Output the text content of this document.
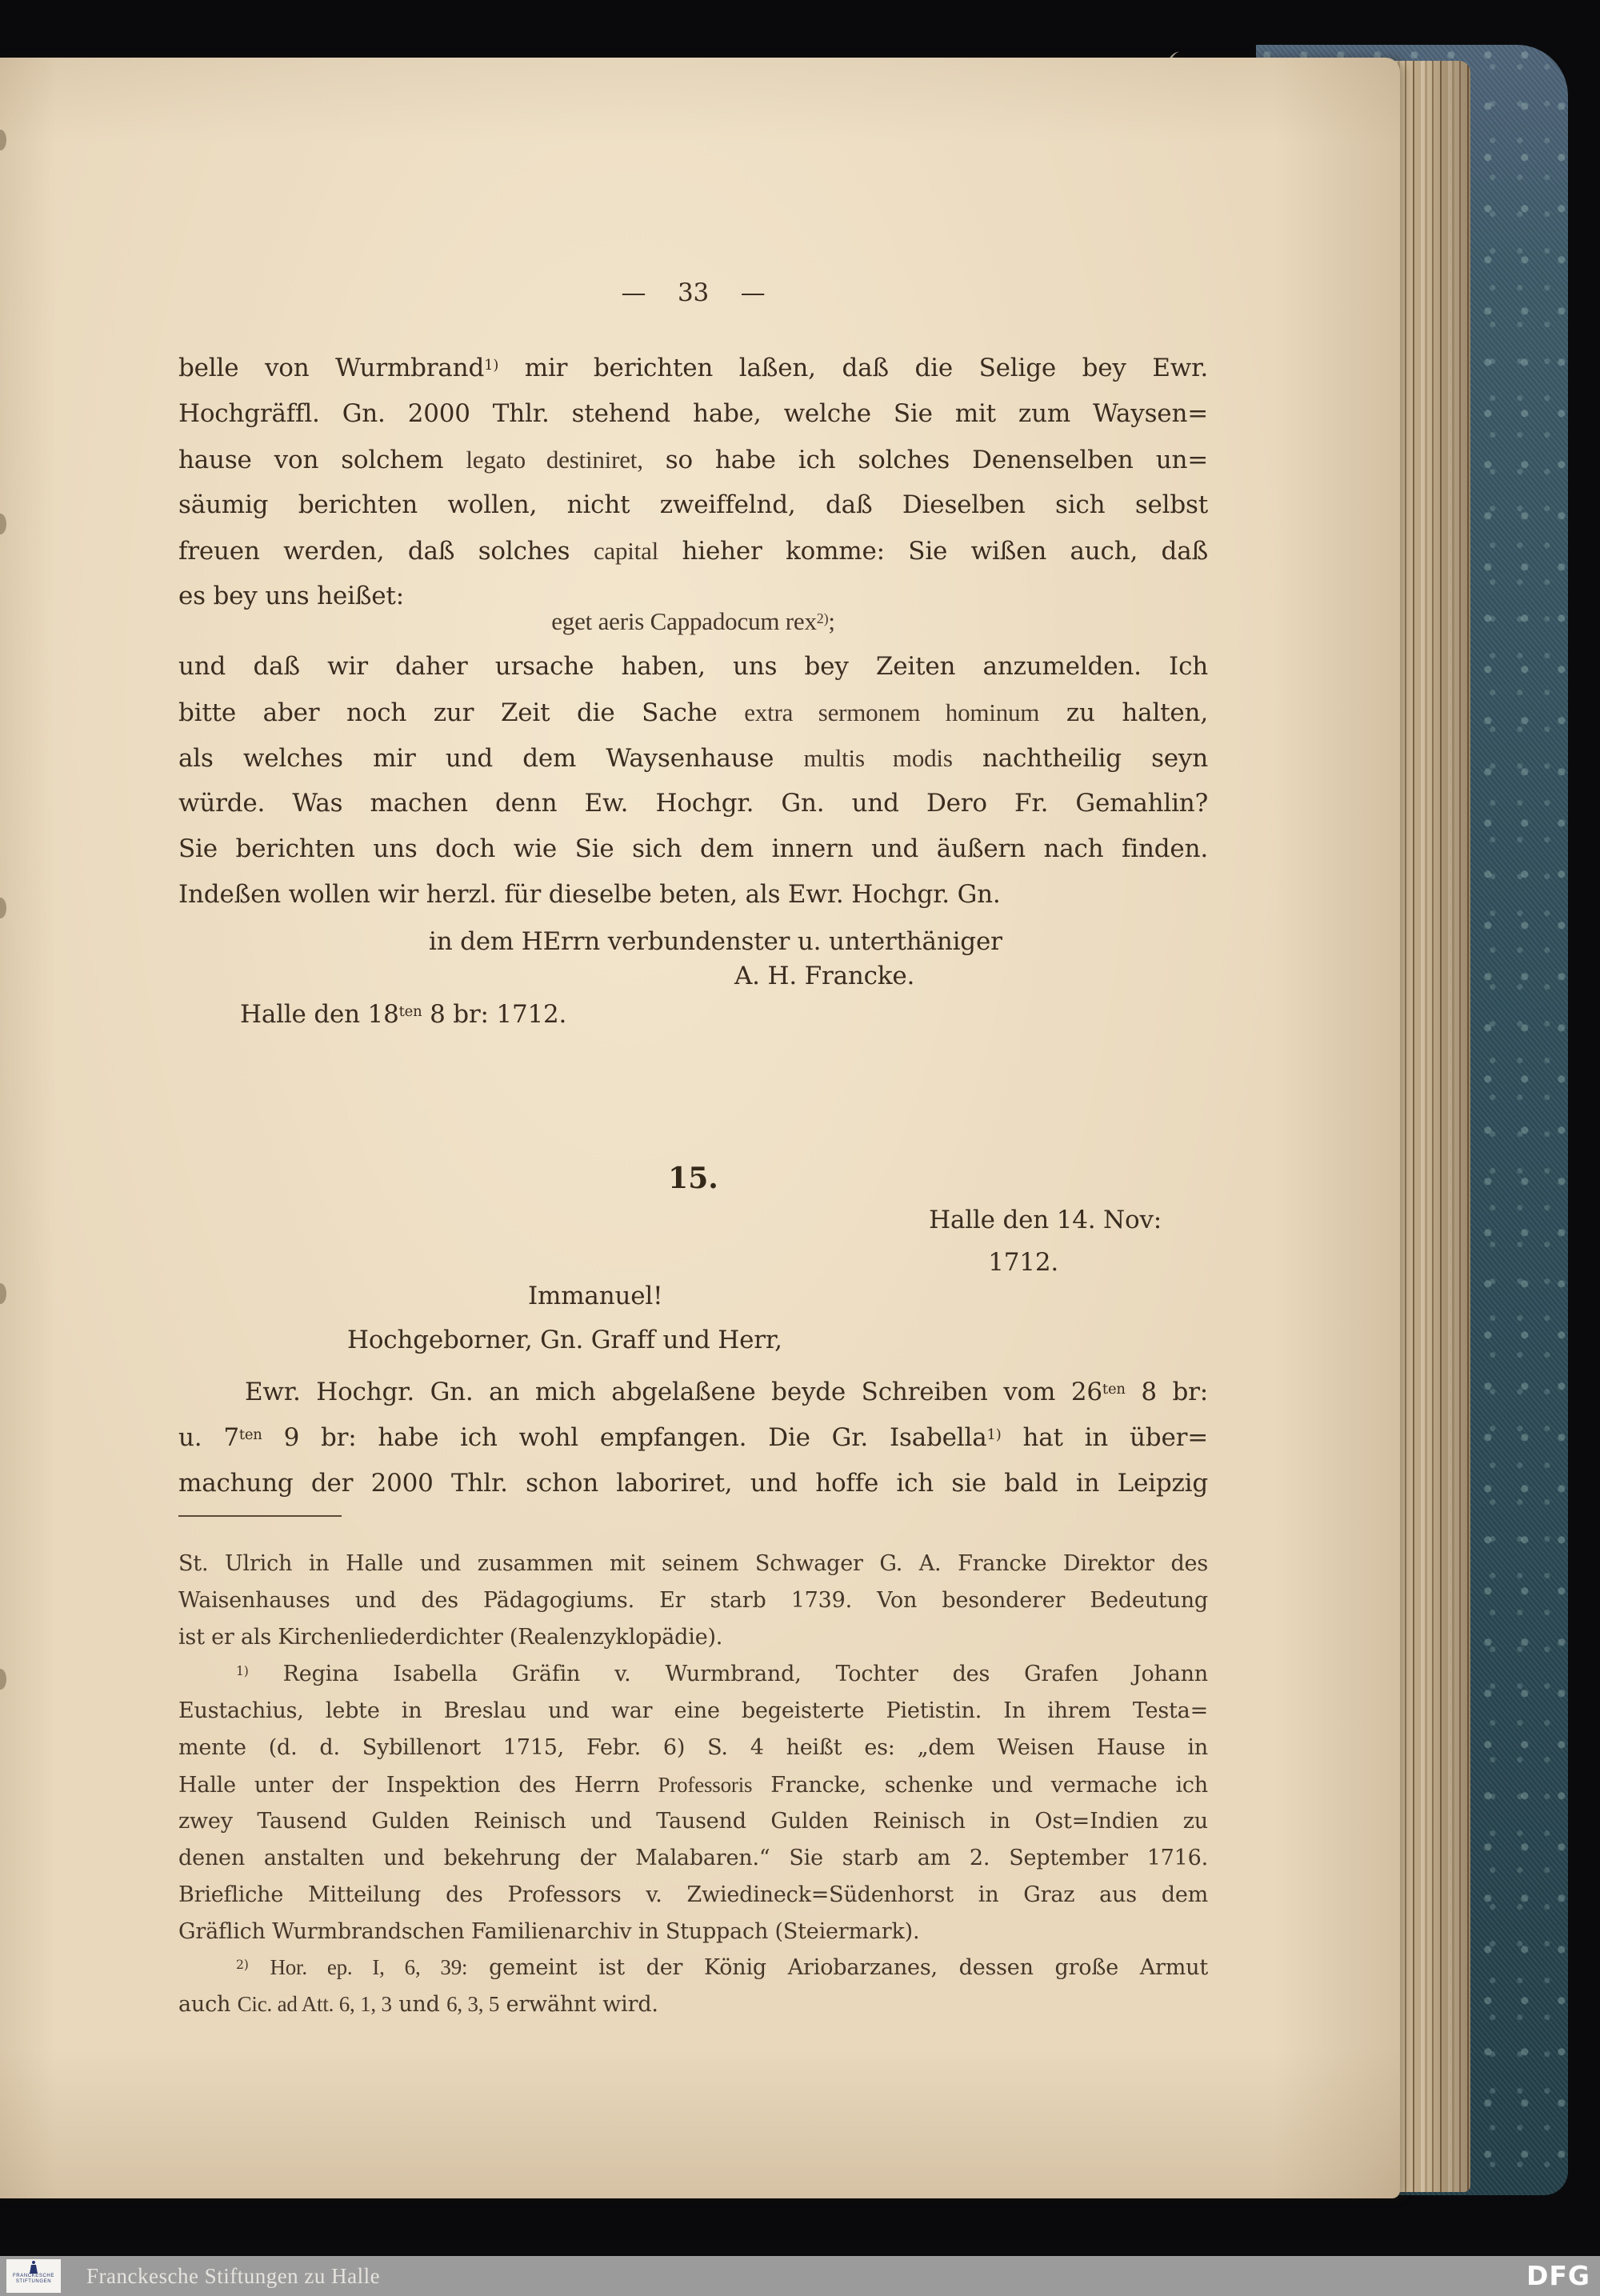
— 33 —
belle von Wurmbrand$^{1)}$ mir berichten laßen, daß die Selige bey Ewr.
Hochgräffl. Gn. 2000 Thlr. stehend habe, welche Sie mit zum Waysen=
hause von solchem legato destiniret, so habe ich solches Denenselben un=
säumig berichten wollen, nicht zweiffelnd, daß Dieselben sich selbst
freuen werden, daß solches capital hieher komme: Sie wißen auch, daß
es bey uns heißet:
eget aeris Cappadocum rex$^{2)}$;
und daß wir daher ursache haben, uns bey Zeiten anzumelden. Ich
bitte aber noch zur Zeit die Sache extra sermonem hominum zu halten,
als welches mir und dem Waysenhause multis modis nachtheilig seyn
würde. Was machen denn Ew. Hochgr. Gn. und Dero Fr. Gemahlin?
Sie berichten uns doch wie Sie sich dem innern und äußern nach finden.
Indeßen wollen wir herzl. für dieselbe beten, als Ewr. Hochgr. Gn.
in dem HErrn verbundenster u. unterthäniger
A. H. Francke.
Halle den $18^{ten}$ 8 br: 1712.
15.
Halle den 14. Nov:
1712.
Immanuel!
Hochgeborner, Gn. Graff und Herr,
Ewr. Hochgr. Gn. an mich abgelaßene beyde Schreiben vom $26^{ten}$ 8 br:
u. $7^{ten}$ 9 br: habe ich wohl empfangen. Die Gr. Isabella$^{1)}$ hat in über=
machung der 2000 Thlr. schon laboriret, und hoffe ich sie bald in Leipzig
St. Ulrich in Halle und zusammen mit seinem Schwager G. A. Francke Direktor des
Waisenhauses und des Pädagogiums. Er starb 1739. Von besonderer Bedeutung
ist er als Kirchenliederdichter (Realenzyklopädie).
$^{1)}$ Regina Isabella Gräfin v. Wurmbrand, Tochter des Grafen Johann
Eustachius, lebte in Breslau und war eine begeisterte Pietistin. In ihrem Testa=
mente (d. d. Sybillenort 1715, Febr. 6) S. 4 heißt es: „dem Weisen Hause in
Halle unter der Inspektion des Herrn Professoris Francke, schenke und vermache ich
zwey Tausend Gulden Reinisch und Tausend Gulden Reinisch in Ost=Indien zu
denen anstalten und bekehrung der Malabaren.“ Sie starb am 2. September 1716.
Briefliche Mitteilung des Professors v. Zwiedineck=Südenhorst in Graz aus dem
Gräflich Wurmbrandschen Familienarchiv in Stuppach (Steiermark).
$^{2)}$ Hor. ep. I, 6, 39: gemeint ist der König Ariobarzanes, dessen große Armut
auch Cic. ad Att. 6, 1, 3 und 6, 3, 5 erwähnt wird.
FRANCKESCHE
STIFTUNGEN Franckesche Stiftungen zu Halle	DFG
